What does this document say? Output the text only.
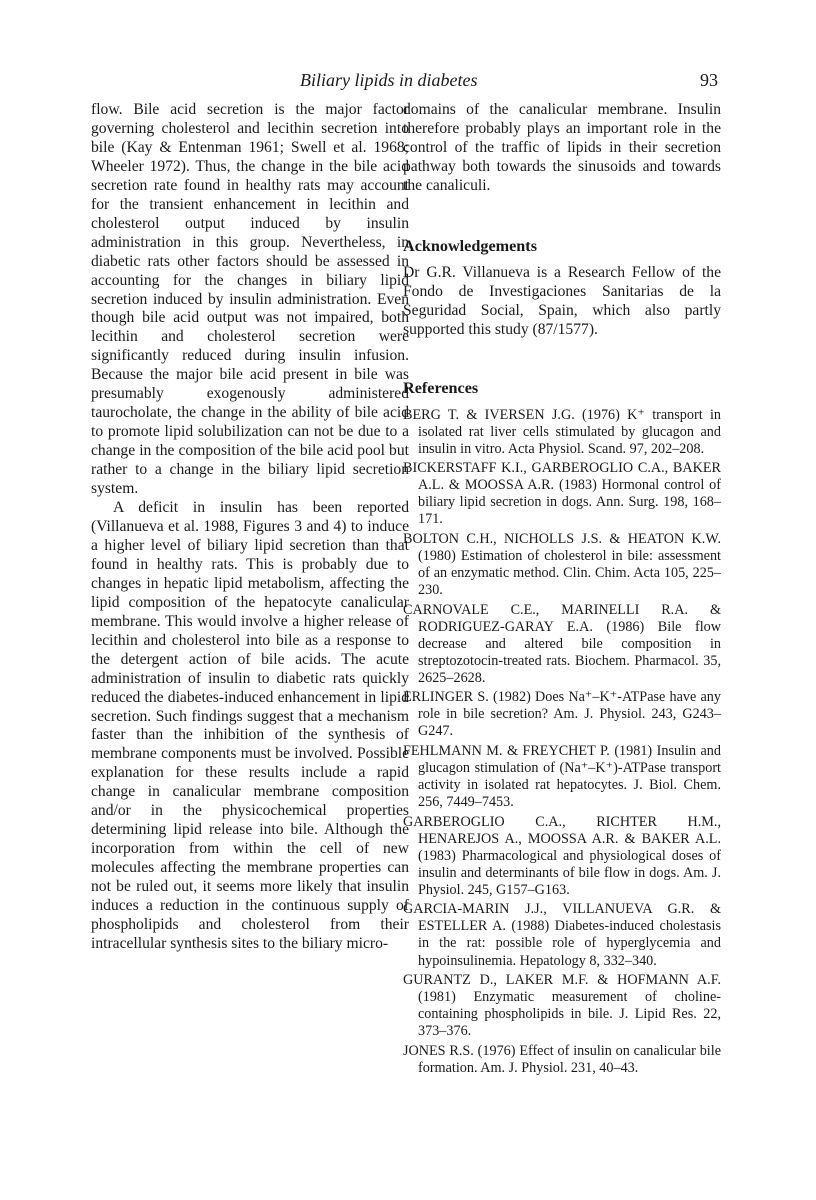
Biliary lipids in diabetes	93

flow. Bile acid secretion is the major factor governing cholesterol and lecithin secretion into bile (Kay & Entenman 1961; Swell et al. 1968; Wheeler 1972). Thus, the change in the bile acid secretion rate found in healthy rats may account for the transient enhancement in lecithin and cholesterol output induced by insulin administration in this group. Nevertheless, in diabetic rats other factors should be assessed in accounting for the changes in biliary lipid secretion induced by insulin administration. Even though bile acid output was not impaired, both lecithin and cholesterol secretion were significantly reduced during insulin infusion. Because the major bile acid present in bile was presumably exogenously administered taurocholate, the change in the ability of bile acid to promote lipid solubilization can not be due to a change in the composition of the bile acid pool but rather to a change in the biliary lipid secretion system.

A deficit in insulin has been reported (Villanueva et al. 1988, Figures 3 and 4) to induce a higher level of biliary lipid secretion than that found in healthy rats. This is probably due to changes in hepatic lipid metabolism, affecting the lipid composition of the hepatocyte canalicular membrane. This would involve a higher release of lecithin and cholesterol into bile as a response to the detergent action of bile acids. The acute administration of insulin to diabetic rats quickly reduced the diabetes-induced enhancement in lipid secretion. Such findings suggest that a mechanism faster than the inhibition of the synthesis of membrane components must be involved. Possible explanation for these results include a rapid change in canalicular membrane composition and/or in the physicochemical properties determining lipid release into bile. Although the incorporation from within the cell of new molecules affecting the membrane properties can not be ruled out, it seems more likely that insulin induces a reduction in the continuous supply of phospholipids and cholesterol from their intracellular synthesis sites to the biliary micro-

domains of the canalicular membrane. Insulin therefore probably plays an important role in the control of the traffic of lipids in their secretion pathway both towards the sinusoids and towards the canaliculi.

Acknowledgements

Dr G.R. Villanueva is a Research Fellow of the Fondo de Investigaciones Sanitarias de la Seguridad Social, Spain, which also partly supported this study (87/1577).

References
BERG T. & IVERSEN J.G. (1976) K⁺ transport in isolated rat liver cells stimulated by glucagon and insulin in vitro. Acta Physiol. Scand. 97, 202–208.
BICKERSTAFF K.I., GARBEROGLIO C.A., BAKER A.L. & MOOSSA A.R. (1983) Hormonal control of biliary lipid secretion in dogs. Ann. Surg. 198, 168–171.
BOLTON C.H., NICHOLLS J.S. & HEATON K.W. (1980) Estimation of cholesterol in bile: assessment of an enzymatic method. Clin. Chim. Acta 105, 225–230.
CARNOVALE C.E., MARINELLI R.A. & RODRIGUEZ-GARAY E.A. (1986) Bile flow decrease and altered bile composition in streptozotocin-treated rats. Biochem. Pharmacol. 35, 2625–2628.
ERLINGER S. (1982) Does Na⁺–K⁺-ATPase have any role in bile secretion? Am. J. Physiol. 243, G243–G247.
FEHLMANN M. & FREYCHET P. (1981) Insulin and glucagon stimulation of (Na⁺–K⁺)-ATPase transport activity in isolated rat hepatocytes. J. Biol. Chem. 256, 7449–7453.
GARBEROGLIO C.A., RICHTER H.M., HENAREJOS A., MOOSSA A.R. & BAKER A.L. (1983) Pharmacological and physiological doses of insulin and determinants of bile flow in dogs. Am. J. Physiol. 245, G157–G163.
GARCIA-MARIN J.J., VILLANUEVA G.R. & ESTELLER A. (1988) Diabetes-induced cholestasis in the rat: possible role of hyperglycemia and hypoinsulinemia. Hepatology 8, 332–340.
GURANTZ D., LAKER M.F. & HOFMANN A.F. (1981) Enzymatic measurement of choline-containing phospholipids in bile. J. Lipid Res. 22, 373–376.
JONES R.S. (1976) Effect of insulin on canalicular bile formation. Am. J. Physiol. 231, 40–43.
